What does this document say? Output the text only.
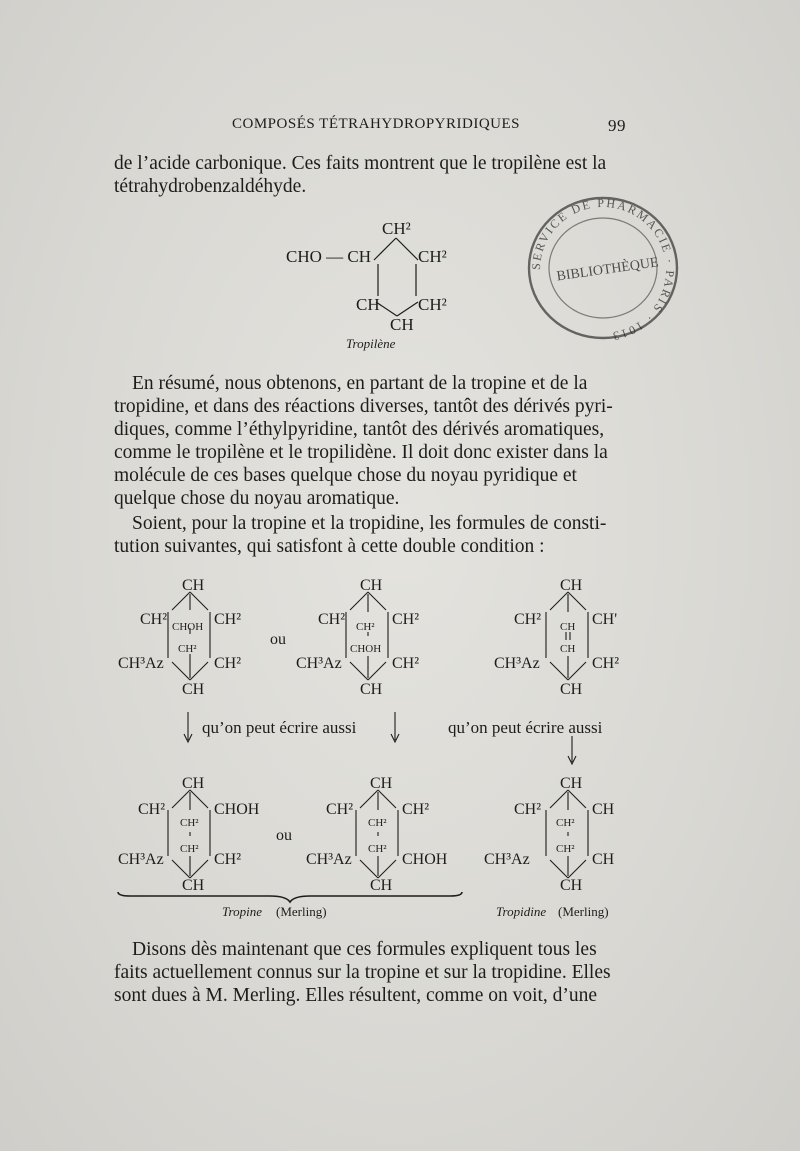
COMPOSÉS TÉTRAHYDROPYRIDIQUES	99
de l’acide carbonique. Ces faits montrent que le tropilène est la
tétrahydrobenzaldéhyde.
CH²
CHO — CH	CH²
CH CH²
CH
Tropilène
SERVICE DE PHARMACIE · PARIS · 1013
BIBLIOTHÈQUE
En résumé, nous obtenons, en partant de la tropine et de la
tropidine, et dans des réactions diverses, tantôt des dérivés pyri-
diques, comme l’éthylpyridine, tantôt des dérivés aromatiques,
comme le tropilène et le tropilidène. Il doit donc exister dans la
molécule de ces bases quelque chose du noyau pyridique et
quelque chose du noyau aromatique.
Soient, pour la tropine et la tropidine, les formules de consti-
tution suivantes, qui satisfont à cette double condition :
CH
CH²	CH²
CHOH
CH²
CH³Az	CH²
CH
ou
CH
CH²	CH²
CH²
CHOH
CH³Az	CH²
CH
CH
CH²	CH'
CH
CH
CH³Az	CH²
CH
qu’on peut écrire aussi	qu’on peut écrire aussi
CH
CH²	CHOH
CH²
CH²
CH³Az	CH²
CH
ou
CH
CH²	CH²
CH²
CH²
CH³Az	CHOH
CH
CH
CH²	CH
CH²
CH²
CH³Az	CH
CH
Tropine (Merling)	Tropidine (Merling)
Disons dès maintenant que ces formules expliquent tous les
faits actuellement connus sur la tropine et sur la tropidine. Elles
sont dues à M. Merling. Elles résultent, comme on voit, d’une
